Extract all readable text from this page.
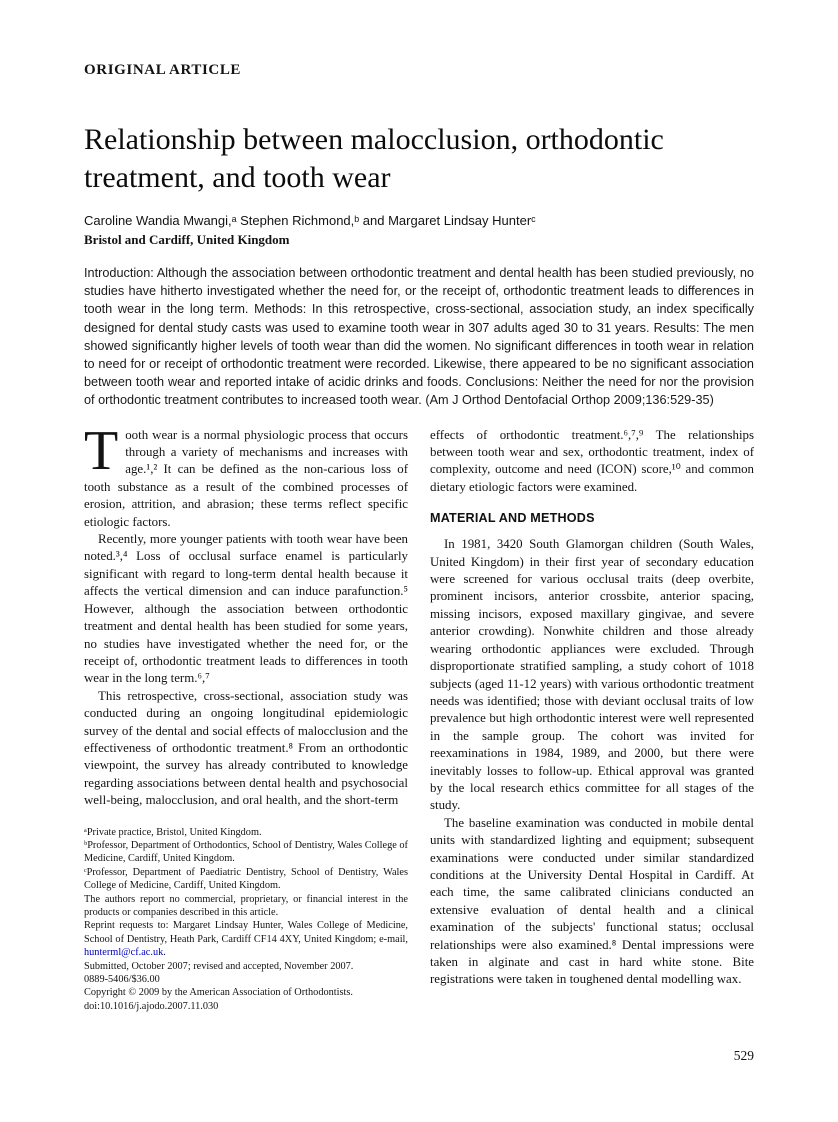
ORIGINAL ARTICLE
Relationship between malocclusion, orthodontic treatment, and tooth wear
Caroline Wandia Mwangi,ᵃ Stephen Richmond,ᵇ and Margaret Lindsay Hunterᶜ
Bristol and Cardiff, United Kingdom

Introduction: Although the association between orthodontic treatment and dental health has been studied previously, no studies have hitherto investigated whether the need for, or the receipt of, orthodontic treatment leads to differences in tooth wear in the long term. Methods: In this retrospective, cross-sectional, association study, an index specifically designed for dental study casts was used to examine tooth wear in 307 adults aged 30 to 31 years. Results: The men showed significantly higher levels of tooth wear than did the women. No significant differences in tooth wear in relation to need for or receipt of orthodontic treatment were recorded. Likewise, there appeared to be no significant association between tooth wear and reported intake of acidic drinks and foods. Conclusions: Neither the need for nor the provision of orthodontic treatment contributes to increased tooth wear. (Am J Orthod Dentofacial Orthop 2009;136:529-35)

Tooth wear is a normal physiologic process that occurs through a variety of mechanisms and increases with age.¹,² It can be defined as the non-carious loss of tooth substance as a result of the combined processes of erosion, attrition, and abrasion; these terms reflect specific etiologic factors.

Recently, more younger patients with tooth wear have been noted.³,⁴ Loss of occlusal surface enamel is particularly significant with regard to long-term dental health because it affects the vertical dimension and can induce parafunction.⁵ However, although the association between orthodontic treatment and dental health has been studied for some years, no studies have investigated whether the need for, or the receipt of, orthodontic treatment leads to differences in tooth wear in the long term.⁶,⁷

This retrospective, cross-sectional, association study was conducted during an ongoing longitudinal epidemiologic survey of the dental and social effects of malocclusion and the effectiveness of orthodontic treatment.⁸ From an orthodontic viewpoint, the survey has already contributed to knowledge regarding associations between dental health and psychosocial well-being, malocclusion, and oral health, and the short-term

ᵃPrivate practice, Bristol, United Kingdom.

ᵇProfessor, Department of Orthodontics, School of Dentistry, Wales College of Medicine, Cardiff, United Kingdom.

ᶜProfessor, Department of Paediatric Dentistry, School of Dentistry, Wales College of Medicine, Cardiff, United Kingdom.

The authors report no commercial, proprietary, or financial interest in the products or companies described in this article.

Reprint requests to: Margaret Lindsay Hunter, Wales College of Medicine, School of Dentistry, Heath Park, Cardiff CF14 4XY, United Kingdom; e-mail, hunterml@cf.ac.uk.

Submitted, October 2007; revised and accepted, November 2007.

0889-5406/$36.00

Copyright © 2009 by the American Association of Orthodontists.

doi:10.1016/j.ajodo.2007.11.030

effects of orthodontic treatment.⁶,⁷,⁹ The relationships between tooth wear and sex, orthodontic treatment, index of complexity, outcome and need (ICON) score,¹⁰ and common dietary etiologic factors were examined.

MATERIAL AND METHODS

In 1981, 3420 South Glamorgan children (South Wales, United Kingdom) in their first year of secondary education were screened for various occlusal traits (deep overbite, prominent incisors, anterior crossbite, anterior spacing, missing incisors, exposed maxillary gingivae, and severe anterior crowding). Nonwhite children and those already wearing orthodontic appliances were excluded. Through disproportionate stratified sampling, a study cohort of 1018 subjects (aged 11-12 years) with various orthodontic treatment needs was identified; those with deviant occlusal traits of low prevalence but high orthodontic interest were well represented in the sample group. The cohort was invited for reexaminations in 1984, 1989, and 2000, but there were inevitably losses to follow-up. Ethical approval was granted by the local research ethics committee for all stages of the study.

The baseline examination was conducted in mobile dental units with standardized lighting and equipment; subsequent examinations were conducted under similar standardized conditions at the University Dental Hospital in Cardiff. At each time, the same calibrated clinicians conducted an extensive evaluation of dental health and a clinical examination of the subjects' functional status; occlusal relationships were also examined.⁸ Dental impressions were taken in alginate and cast in hard white stone. Bite registrations were taken in toughened dental modelling wax.

529
